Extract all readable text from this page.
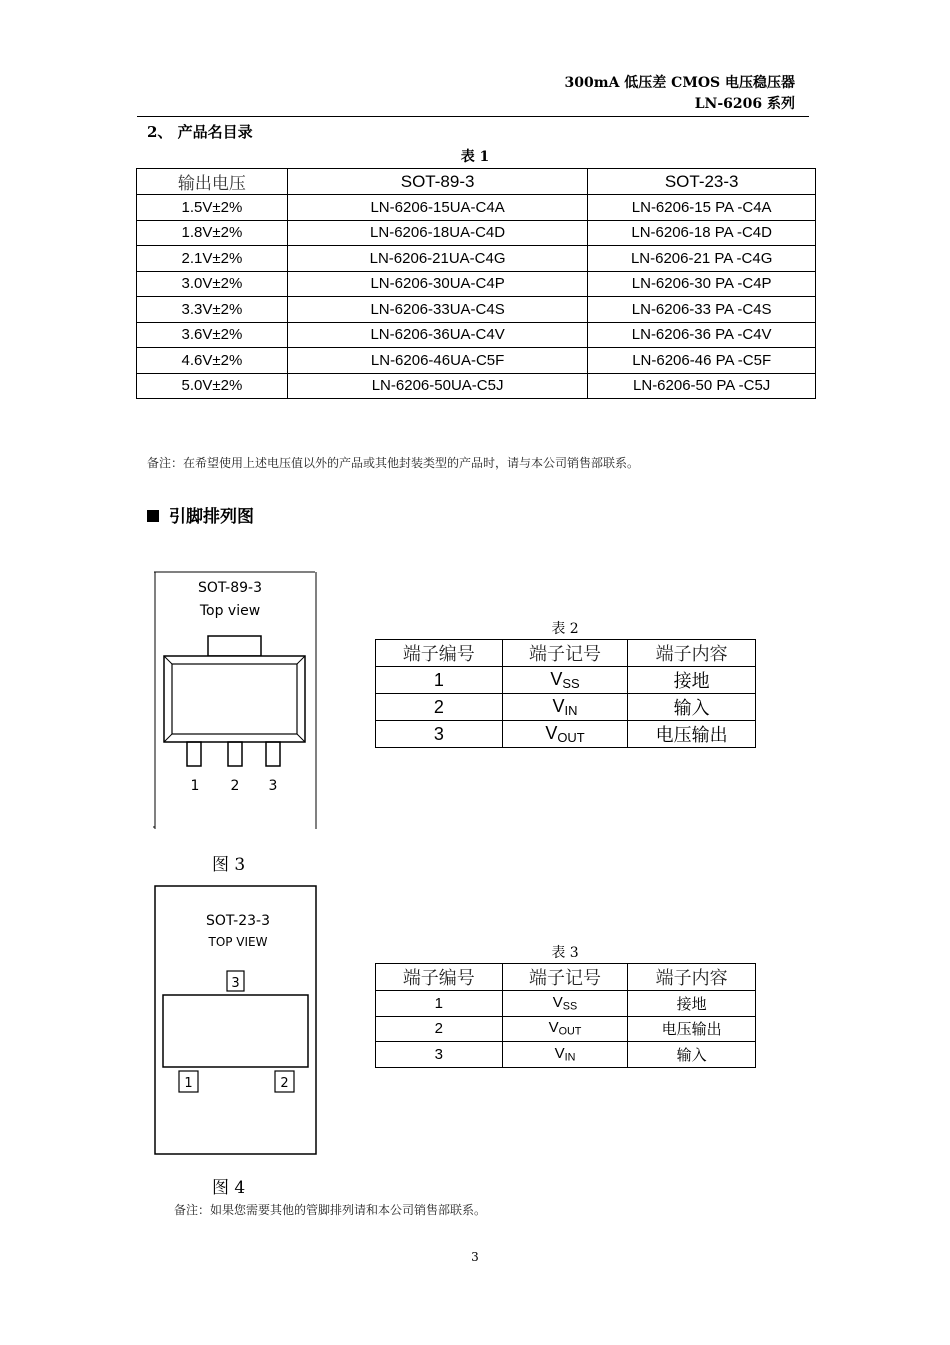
300mA 低压差 CMOS 电压稳压器
LN-6206 系列
2、 产品名目录
表 1
输出电压	SOT-89-3	SOT-23-3
1.5V±2%	LN-6206-15UA-C4A	LN-6206-15 PA -C4A
1.8V±2%	LN-6206-18UA-C4D	LN-6206-18 PA -C4D
2.1V±2%	LN-6206-21UA-C4G	LN-6206-21 PA -C4G
3.0V±2%	LN-6206-30UA-C4P	LN-6206-30 PA -C4P
3.3V±2%	LN-6206-33UA-C4S	LN-6206-33 PA -C4S
3.6V±2%	LN-6206-36UA-C4V	LN-6206-36 PA -C4V
4.6V±2%	LN-6206-46UA-C5F	LN-6206-46 PA -C5F
5.0V±2%	LN-6206-50UA-C5J	LN-6206-50 PA -C5J
备注：在希望使用上述电压值以外的产品或其他封装类型的产品时，请与本公司销售部联系。
引脚排列图
SOT-89-3
Top view
1 2 3
图 3
表 2
端子编号	端子记号	端子内容
1	$V_{SS}$	接地
2	$V_{IN}$	输入
3	$V_{OUT}$	电压输出
SOT-23-3
TOP VIEW
3
1	2
图 4
表 3
端子编号	端子记号	端子内容
1	$V_{SS}$	接地
2	$V_{OUT}$	电压输出
3	$V_{IN}$	输入
备注：如果您需要其他的管脚排列请和本公司销售部联系。
3
